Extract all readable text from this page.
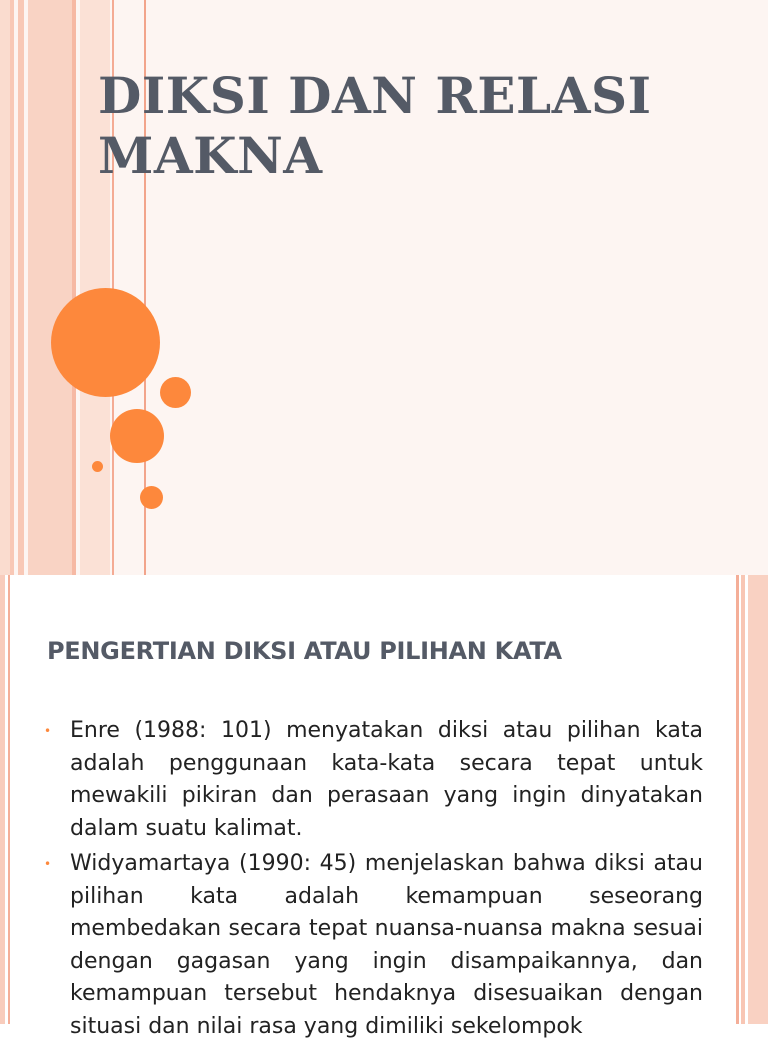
DIKSI DAN RELASI MAKNA
PENGERTIAN DIKSI ATAU PILIHAN KATA
• Enre (1988: 101) menyatakan diksi atau pilihan kata adalah penggunaan kata-kata secara tepat untuk mewakili pikiran dan perasaan yang ingin dinyatakan dalam suatu kalimat.
• Widyamartaya (1990: 45) menjelaskan bahwa diksi atau pilihan kata adalah kemampuan seseorang membedakan secara tepat nuansa-nuansa makna sesuai dengan gagasan yang ingin disampaikannya, dan kemampuan tersebut hendaknya disesuaikan dengan situasi dan nilai rasa yang dimiliki sekelompok
